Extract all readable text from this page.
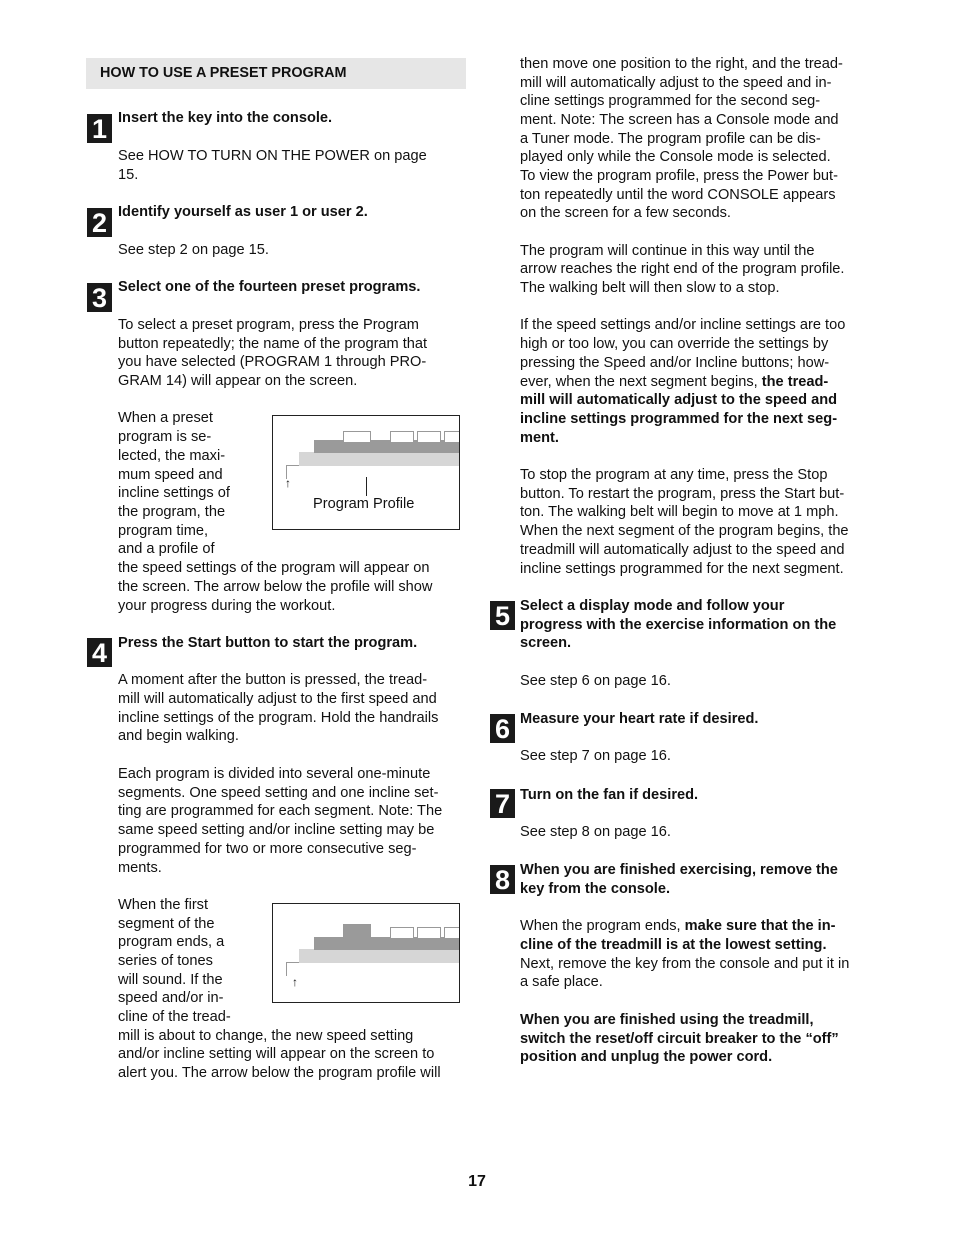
HOW TO USE A PRESET PROGRAM
1 Insert the key into the console.
See HOW TO TURN ON THE POWER on page
15.
2 Identify yourself as user 1 or user 2.
See step 2 on page 15.
3 Select one of the fourteen preset programs.
To select a preset program, press the Program
button repeatedly; the name of the program that
you have selected (PROGRAM 1 through PRO-
GRAM 14) will appear on the screen.
When a preset
program is se-
lected, the maxi-
mum speed and
incline settings of
the program, the
program time,
and a profile of
the speed settings of the program will appear on
the screen. The arrow below the profile will show
your progress during the workout.
↑
Program Profile
4 Press the Start button to start the program.
A moment after the button is pressed, the tread-
mill will automatically adjust to the first speed and
incline settings of the program. Hold the handrails
and begin walking.
Each program is divided into several one-minute
segments. One speed setting and one incline set-
ting are programmed for each segment. Note: The
same speed setting and/or incline setting may be
programmed for two or more consecutive seg-
ments.
When the first
segment of the
program ends, a
series of tones
will sound. If the
speed and/or in-
cline of the tread-
mill is about to change, the new speed setting
and/or incline setting will appear on the screen to
alert you. The arrow below the program profile will
↑
then move one position to the right, and the tread-
mill will automatically adjust to the speed and in-
cline settings programmed for the second seg-
ment. Note: The screen has a Console mode and
a Tuner mode. The program profile can be dis-
played only while the Console mode is selected.
To view the program profile, press the Power but-
ton repeatedly until the word CONSOLE appears
on the screen for a few seconds.
The program will continue in this way until the
arrow reaches the right end of the program profile.
The walking belt will then slow to a stop.
If the speed settings and/or incline settings are too
high or too low, you can override the settings by
pressing the Speed and/or Incline buttons; how-
ever, when the next segment begins, the tread-
mill will automatically adjust to the speed and
incline settings programmed for the next seg-
ment.
To stop the program at any time, press the Stop
button. To restart the program, press the Start but-
ton. The walking belt will begin to move at 1 mph.
When the next segment of the program begins, the
treadmill will automatically adjust to the speed and
incline settings programmed for the next segment.
5 Select a display mode and follow your
progress with the exercise information on the
screen.
See step 6 on page 16.
6 Measure your heart rate if desired.
See step 7 on page 16.
7 Turn on the fan if desired.
See step 8 on page 16.
8 When you are finished exercising, remove the
key from the console.
When the program ends, make sure that the in-
cline of the treadmill is at the lowest setting.
Next, remove the key from the console and put it in
a safe place.
When you are finished using the treadmill,
switch the reset/off circuit breaker to the “off”
position and unplug the power cord.
17
